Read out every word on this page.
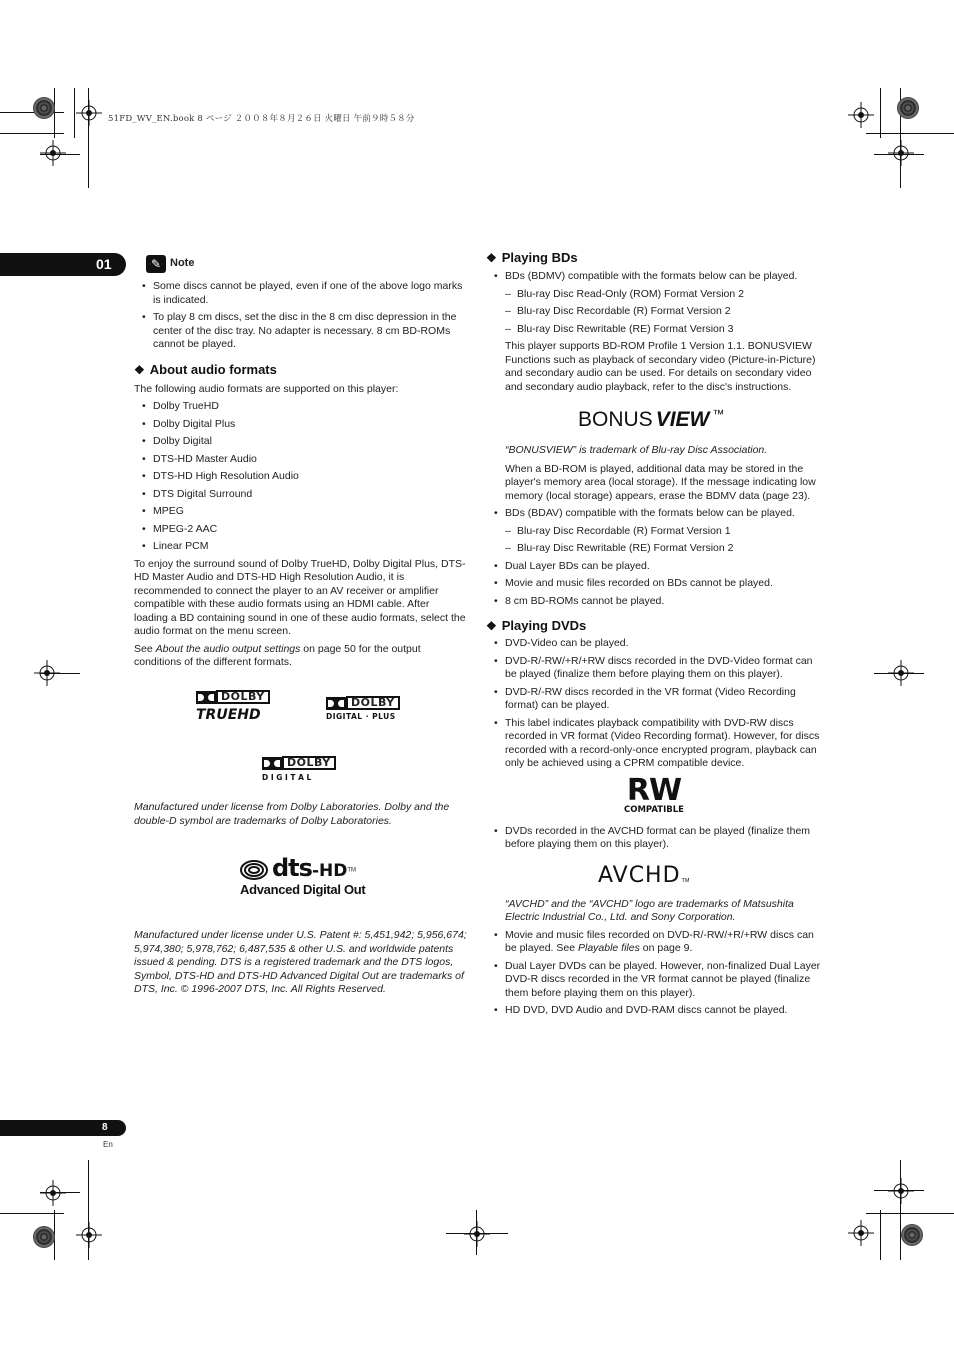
51FD_WV_EN.book 8 ページ ２００８年８月２６日 火曜日 午前９時５８分
01	✎ Note
• Some discs cannot be played, even if one of the above logo marks is indicated.
• To play 8 cm discs, set the disc in the 8 cm disc depression in the center of the disc tray. No adapter is necessary. 8 cm BD-ROMs cannot be played.
❖ About audio formats

The following audio formats are supported on this player:

• Dolby TrueHD
• Dolby Digital Plus
• Dolby Digital
• DTS-HD Master Audio
• DTS-HD High Resolution Audio
• DTS Digital Surround
• MPEG
• MPEG-2 AAC
• Linear PCM

To enjoy the surround sound of Dolby TrueHD, Dolby Digital Plus, DTS-HD Master Audio and DTS-HD High Resolution Audio, it is recommended to connect the player to an AV receiver or amplifier compatible with these audio formats using an HDMI cable. After loading a BD containing sound in one of these audio formats, select the audio format on the menu screen.

See About the audio output settings on page 50 for the output conditions of the different formats.

DOLBY
TRUEHD
DOLBY
DIGITAL · PLUS
DOLBY
D I G I T A L

Manufactured under license from Dolby Laboratories. Dolby and the double-D symbol are trademarks of Dolby Laboratories.

dts-HD™
Advanced Digital Out

Manufactured under license under U.S. Patent #: 5,451,942; 5,956,674; 5,974,380; 5,978,762; 6,487,535 & other U.S. and worldwide patents issued & pending. DTS is a registered trademark and the DTS logos, Symbol, DTS-HD and DTS-HD Advanced Digital Out are trademarks of DTS, Inc. © 1996-2007 DTS, Inc. All Rights Reserved.

❖ Playing BDs
• BDs (BDMV) compatible with the formats below can be played.
– Blu-ray Disc Read-Only (ROM) Format Version 2
– Blu-ray Disc Recordable (R) Format Version 2
– Blu-ray Disc Rewritable (RE) Format Version 3

This player supports BD-ROM Profile 1 Version 1.1. BONUSVIEW Functions such as playback of secondary video (Picture-in-Picture) and secondary audio can be used. For details on secondary video and secondary audio playback, refer to the disc's instructions.

BONUS VIEW ™

“BONUSVIEW” is trademark of Blu-ray Disc Association.

When a BD-ROM is played, additional data may be stored in the player's memory area (local storage). If the message indicating low memory (local storage) appears, erase the BDMV data (page 23).

• BDs (BDAV) compatible with the formats below can be played.
– Blu-ray Disc Recordable (R) Format Version 1
– Blu-ray Disc Rewritable (RE) Format Version 2
• Dual Layer BDs can be played.
• Movie and music files recorded on BDs cannot be played.
• 8 cm BD-ROMs cannot be played.
❖ Playing DVDs
• DVD-Video can be played.
• DVD-R/-RW/+R/+RW discs recorded in the DVD-Video format can be played (finalize them before playing them on this player).
• DVD-R/-RW discs recorded in the VR format (Video Recording format) can be played.
• This label indicates playback compatibility with DVD-RW discs recorded in VR format (Video Recording format). However, for discs recorded with a record-only-once encrypted program, playback can only be achieved using a CPRM compatible device.
RW
COMPATIBLE
• DVDs recorded in the AVCHD format can be played (finalize them before playing them on this player).
AVCHDTM

“AVCHD” and the “AVCHD” logo are trademarks of Matsushita Electric Industrial Co., Ltd. and Sony Corporation.

• Movie and music files recorded on DVD-R/-RW/+R/+RW discs can be played. See Playable files on page 9.
• Dual Layer DVDs can be played. However, non-finalized Dual Layer DVD-R discs recorded in the VR format cannot be played (finalize them before playing them on this player).
• HD DVD, DVD Audio and DVD-RAM discs cannot be played.
8
En
